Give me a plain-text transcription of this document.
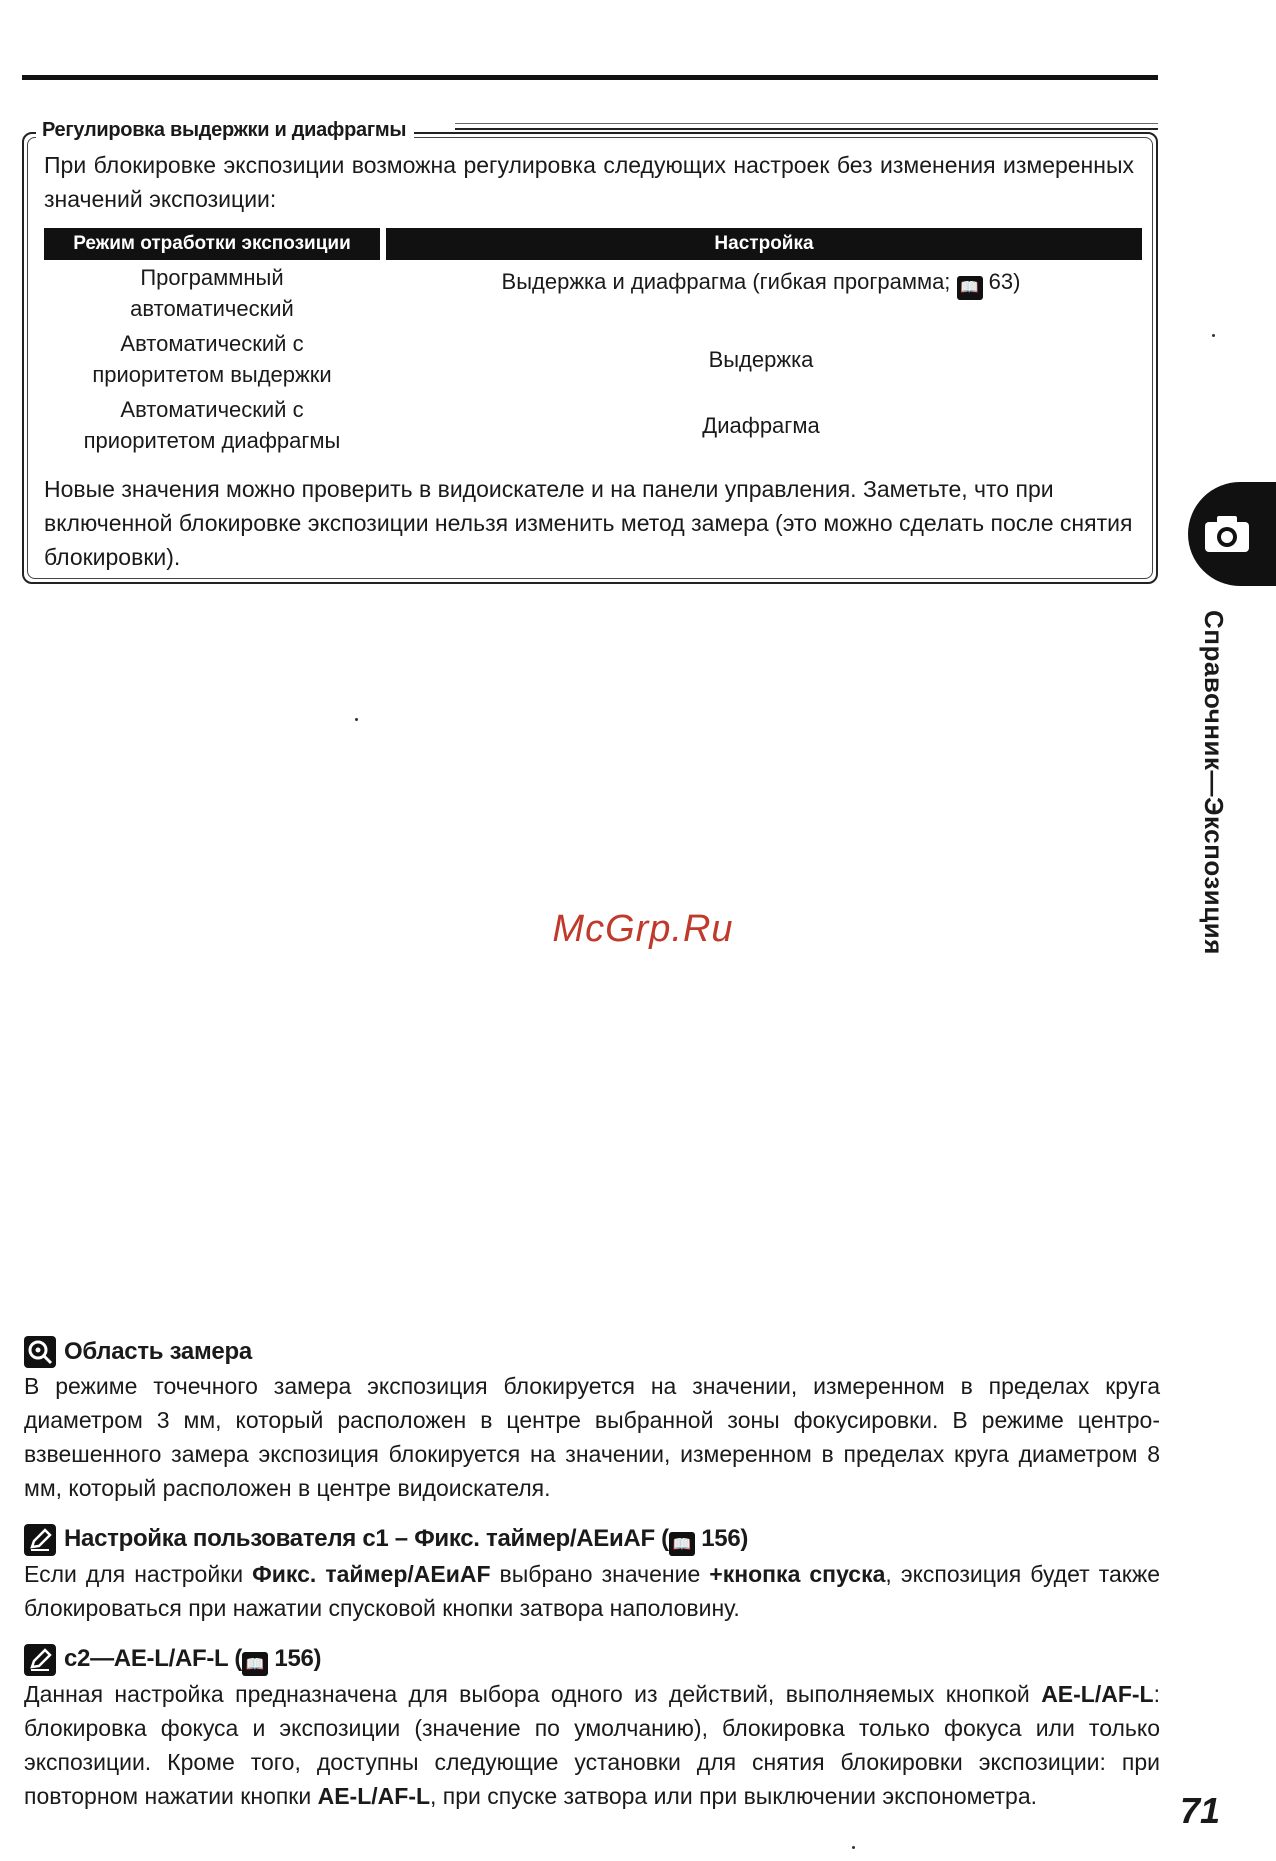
Регулировка выдержки и диафрагмы
При блокировке экспозиции возможна регулировка следующих настроек без изменения измеренных значений экспозиции:
Режим отработки экспозиции	Настройка
Программный
автоматический
Выдержка и диафрагма (гибкая программа; 📖 63)
Автоматический с
приоритетом выдержки
Выдержка
Автоматический с
приоритетом диафрагмы
Диафрагма
Новые значения можно проверить в видоискателе и на панели управления. Заметьте, что при включенной блокировке экспозиции нельзя изменить метод замера (это можно сделать после снятия блокировки).
Справочник—Экспозиция
McGrp.Ru
Область замера
В режиме точечного замера экспозиция блокируется на значении, измеренном в пределах круга диаметром 3 мм, который расположен в центре выбранной зоны фокусировки. В режиме центро-взвешенного замера экспозиция блокируется на значении, измеренном в пределах круга диаметром 8 мм, который расположен в центре видоискателя.
Настройка пользователя c1 – Фикс. таймер/AEиAF ( 📖 156)
Если для настройки Фикс. таймер/AEиAF выбрано значение +кнопка спуска, экспозиция будет также блокироваться при нажатии спусковой кнопки затвора наполовину.
c2—AE-L/AF-L ( 📖 156)
Данная настройка предназначена для выбора одного из действий, выполняемых кнопкой AE-L/AF-L: блокировка фокуса и экспозиции (значение по умолчанию), блокировка только фокуса или только экспозиции. Кроме того, доступны следующие установки для снятия блокировки экспозиции: при повторном нажатии кнопки AE-L/AF-L, при спуске затвора или при выключении экспонометра.	71
